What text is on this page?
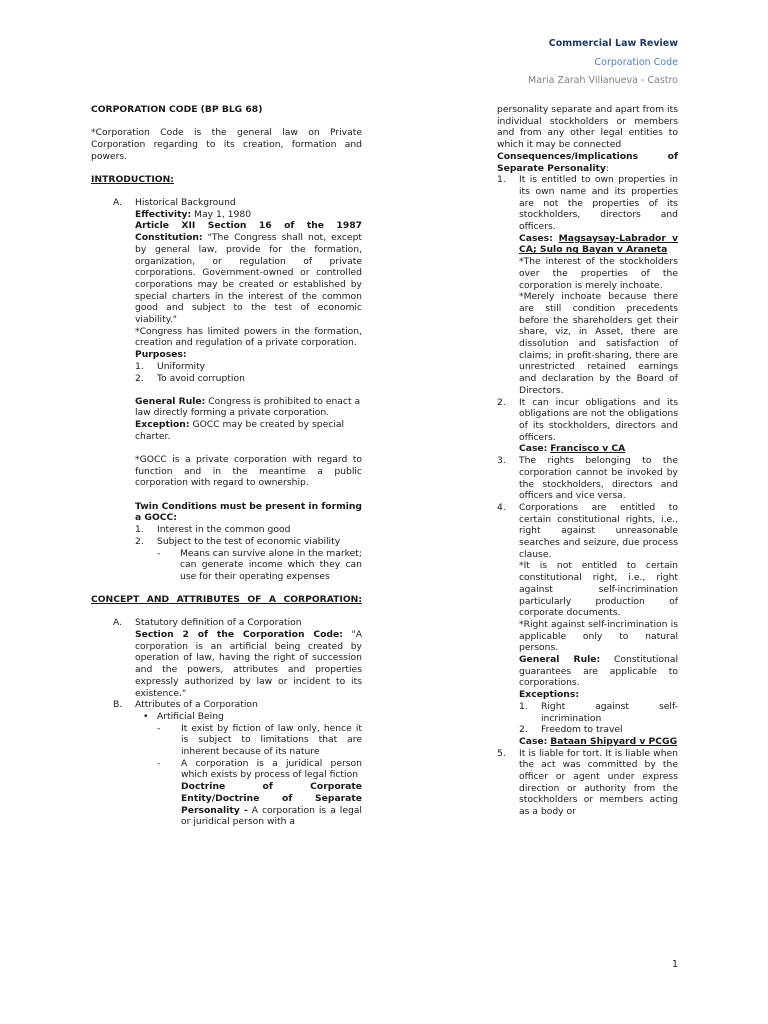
Commercial Law Review
Corporation Code
Maria Zarah Villanueva - Castro

CORPORATION CODE (BP BLG 68)

*Corporation Code is the general law on Private Corporation regarding to its creation, formation and powers.

INTRODUCTION:

A.	Historical Background

Effectivity: May 1, 1980

Article XII Section 16 of the 1987 Constitution: "The Congress shall not, except by general law, provide for the formation, organization, or regulation of private corporations. Government-owned or controlled corporations may be created or established by special charters in the interest of the common good and subject to the test of economic viability."

*Congress has limited powers in the formation, creation and regulation of a private corporation.

Purposes:

1.	Uniformity
2.	To avoid corruption

General Rule: Congress is prohibited to enact a law directly forming a private corporation.

Exception: GOCC may be created by special charter.

*GOCC is a private corporation with regard to function and in the meantime a public corporation with regard to ownership.

Twin Conditions must be present in forming a GOCC:

1.	Interest in the common good
2.	Subject to the test of economic viability
-	Means can survive alone in the market; can generate income which they can use for their operating expenses

CONCEPT AND ATTRIBUTES OF A CORPORATION:

A.	Statutory definition of a Corporation

Section 2 of the Corporation Code: "A corporation is an artificial being created by operation of law, having the right of succession and the powers, attributes and properties expressly authorized by law or incident to its existence."

B.	Attributes of a Corporation
• Artificial Being
-	It exist by fiction of law only, hence it is subject to limitations that are inherent because of its nature
-	A corporation is a juridical person which exists by process of legal fiction

Doctrine of Corporate Entity/Doctrine of Separate Personality - A corporation is a legal or juridical person with a

personality separate and apart from its individual stockholders or members and from any other legal entities to which it may be connected

Consequences/Implications of Separate Personality:

1.	It is entitled to own properties in its own name and its properties are not the properties of its stockholders, directors and officers.

Cases: Magsaysay-Labrador v CA; Sulo ng Bayan v Araneta

*The interest of the stockholders over the properties of the corporation is merely inchoate.

*Merely inchoate because there are still condition precedents before the shareholders get their share, viz, in Asset, there are dissolution and satisfaction of claims; in profit-sharing, there are unrestricted retained earnings and declaration by the Board of Directors.

2.	It can incur obligations and its obligations are not the obligations of its stockholders, directors and officers.

Case: Francisco v CA

3.	The rights belonging to the corporation cannot be invoked by the stockholders, directors and officers and vice versa.

4.	Corporations are entitled to certain constitutional rights, i.e., right against unreasonable searches and seizure, due process clause.

*It is not entitled to certain constitutional right, i.e., right against self-incrimination particularly production of corporate documents.

*Right against self-incrimination is applicable only to natural persons.

General Rule: Constitutional guarantees are applicable to corporations.

Exceptions:

1.	Right against self-incrimination
2.	Freedom to travel

Case: Bataan Shipyard v PCGG

5.	It is liable for tort. It is liable when the act was committed by the officer or agent under express direction or authority from the stockholders or members acting as a body or

1
